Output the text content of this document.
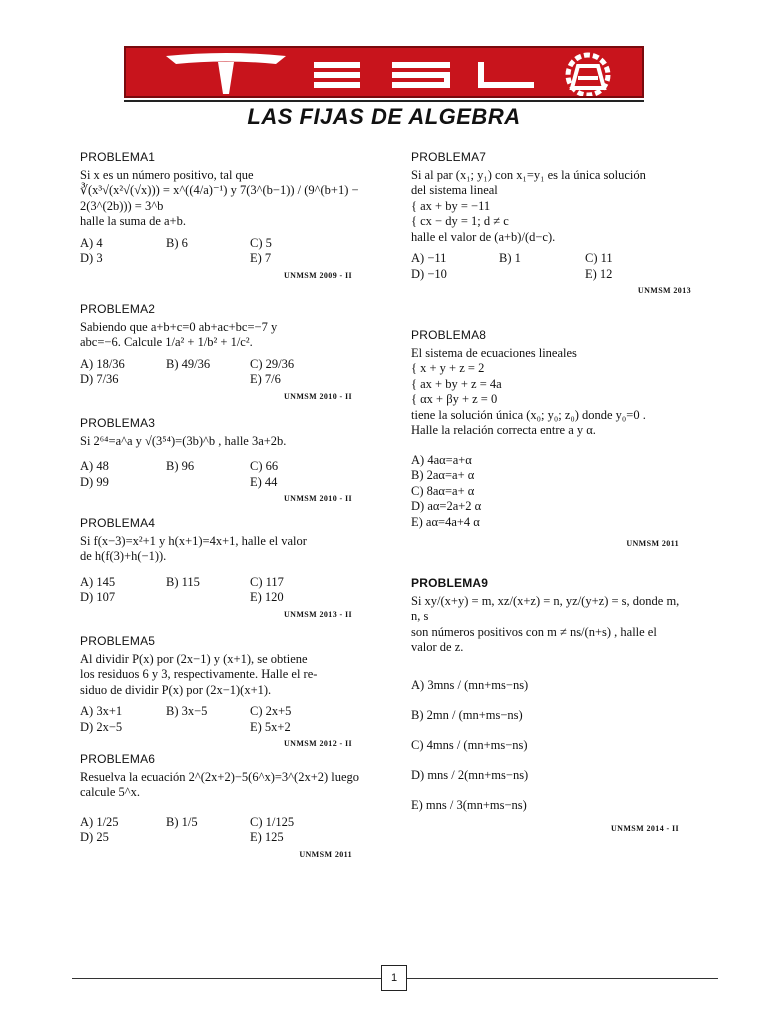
LAS FIJAS DE ALGEBRA
PROBLEMA1
Si x es un número positivo, tal que
∛(x³√(x²√(√x))) = x^((4/a)⁻¹) y 7(3^(b−1)) / (9^(b+1) − 2(3^(2b))) = 3^b
halle la suma de a+b.
A) 4	B) 6	C) 5
D) 3	E) 7
UNMSM 2009 - II
PROBLEMA2
Sabiendo que a+b+c=0 ab+ac+bc=−7 y
abc=−6. Calcule 1/a² + 1/b² + 1/c².
A) 18/36	B) 49/36	C) 29/36
D) 7/36	E) 7/6
UNMSM 2010 - II
PROBLEMA3
Si 2⁶⁴=a^a y √(3⁵⁴)=(3b)^b , halle 3a+2b.
A) 48	B) 96	C) 66
D) 99	E) 44
UNMSM 2010 - II
PROBLEMA4
Si f(x−3)=x²+1 y h(x+1)=4x+1, halle el valor
de h(f(3)+h(−1)).
A) 145	B) 115	C) 117
D) 107	E) 120
UNMSM 2013 - II
PROBLEMA5
Al dividir P(x) por (2x−1) y (x+1), se obtiene
los residuos 6 y 3, respectivamente. Halle el re-
siduo de dividir P(x) por (2x−1)(x+1).
A) 3x+1	B) 3x−5	C) 2x+5
D) 2x−5	E) 5x+2
UNMSM 2012 - II
PROBLEMA6
Resuelva la ecuación 2^(2x+2)−5(6^x)=3^(2x+2) luego
calcule 5^x.
A) 1/25	B) 1/5	C) 1/125
D) 25	E) 125
UNMSM 2011
PROBLEMA7
Si al par (x₁; y₁) con x₁=y₁ es la única solución
del sistema lineal
{ ax + by = −11
{ cx − dy = 1; d ≠ c
halle el valor de (a+b)/(d−c).
A) −11	B) 1	C) 11
D) −10	E) 12
UNMSM 2013
PROBLEMA8
El sistema de ecuaciones lineales
{ x + y + z = 2
{ ax + by + z = 4a
{ αx + βy + z = 0
tiene la solución única (x₀; y₀; z₀) donde y₀=0 .
Halle la relación correcta entre a y α.
A) 4aα=a+α
B) 2aα=a+ α
C) 8aα=a+ α
D) aα=2a+2 α
E) aα=4a+4 α
UNMSM 2011
PROBLEMA9
Si xy/(x+y) = m, xz/(x+z) = n, yz/(y+z) = s, donde m, n, s
son números positivos con m ≠ ns/(n+s) , halle el
valor de z.
A) 3mns / (mn+ms−ns)
B) 2mn / (mn+ms−ns)
C) 4mns / (mn+ms−ns)
D) mns / 2(mn+ms−ns)
E) mns / 3(mn+ms−ns)
UNMSM 2014 - II
1
